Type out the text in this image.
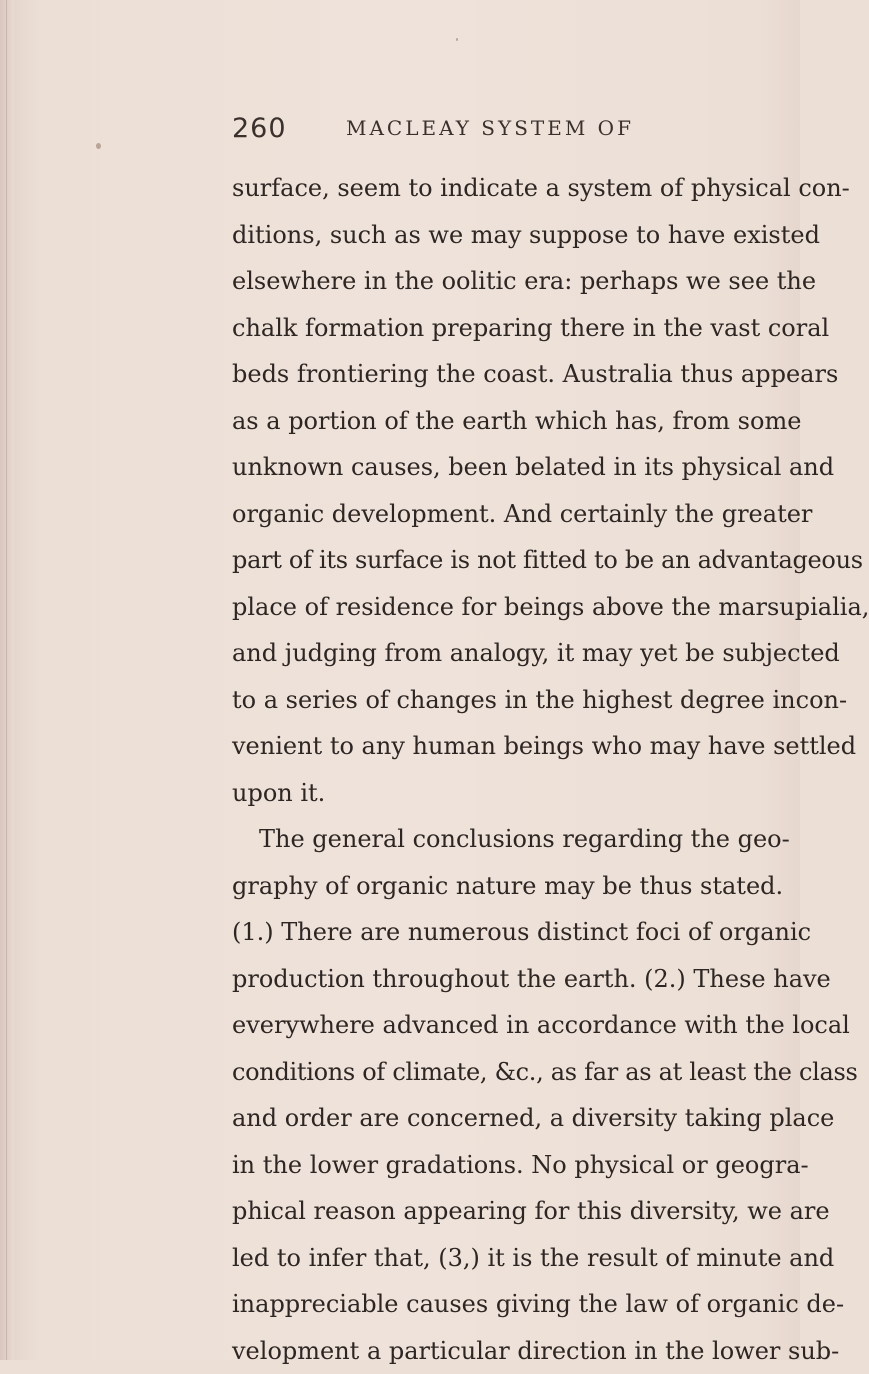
260	MACLEAY SYSTEM OF
surface, seem to indicate a system of physical con-
ditions, such as we may suppose to have existed
elsewhere in the oolitic era: perhaps we see the
chalk formation preparing there in the vast coral
beds frontiering the coast. Australia thus appears
as a portion of the earth which has, from some
unknown causes, been belated in its physical and
organic development. And certainly the greater
part of its surface is not fitted to be an advantageous
place of residence for beings above the marsupialia,
and judging from analogy, it may yet be subjected
to a series of changes in the highest degree incon-
venient to any human beings who may have settled
upon it.
The general conclusions regarding the geo-
graphy of organic nature may be thus stated.
(1.) There are numerous distinct foci of organic
production throughout the earth. (2.) These have
everywhere advanced in accordance with the local
conditions of climate, &c., as far as at least the class
and order are concerned, a diversity taking place
in the lower gradations. No physical or geogra-
phical reason appearing for this diversity, we are
led to infer that, (3,) it is the result of minute and
inappreciable causes giving the law of organic de-
velopment a particular direction in the lower sub-
